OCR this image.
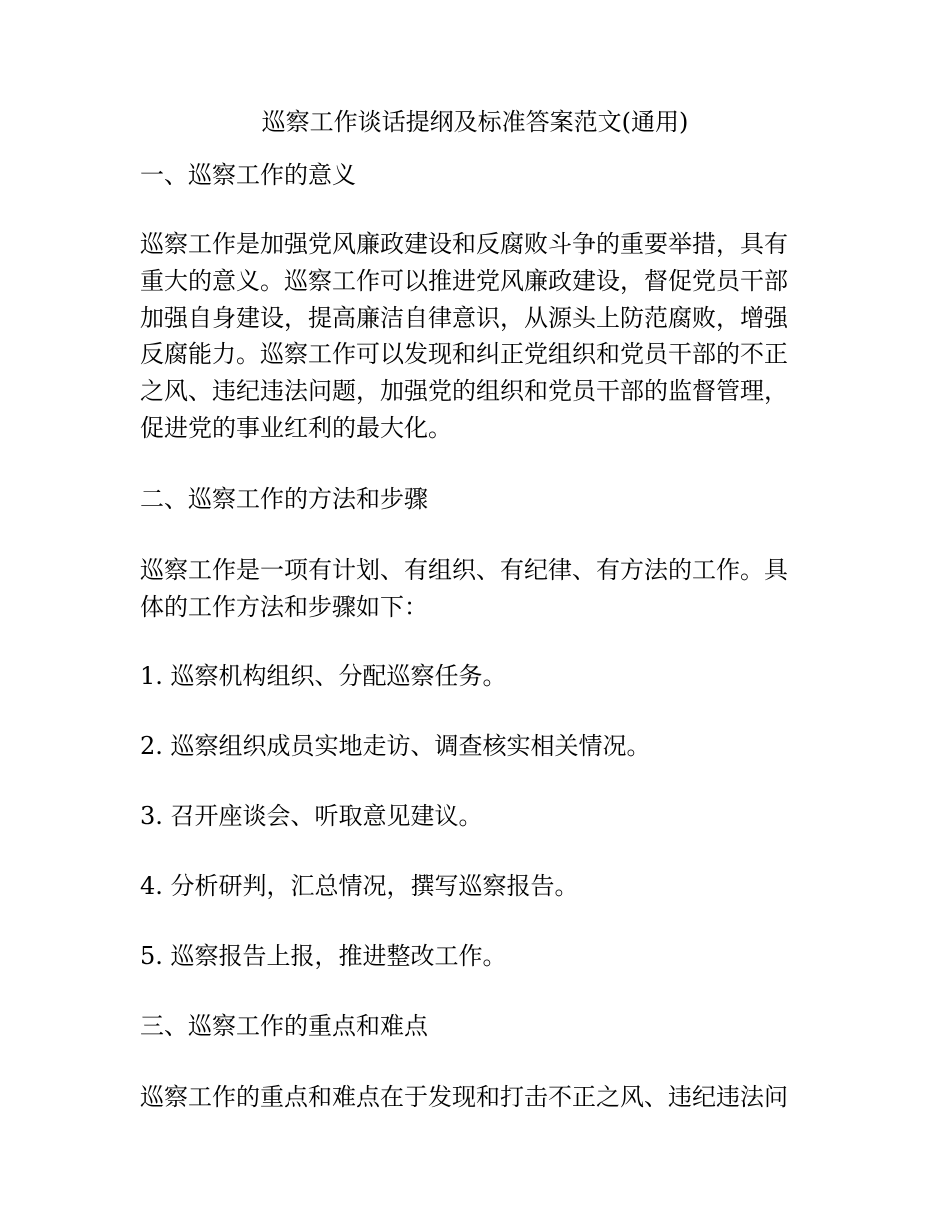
巡察工作谈话提纲及标准答案范文(通用)
一、巡察工作的意义
巡察工作是加强党风廉政建设和反腐败斗争的重要举措，具有
重大的意义。巡察工作可以推进党风廉政建设，督促党员干部
加强自身建设，提高廉洁自律意识，从源头上防范腐败，增强
反腐能力。巡察工作可以发现和纠正党组织和党员干部的不正
之风、违纪违法问题，加强党的组织和党员干部的监督管理，
促进党的事业红利的最大化。
二、巡察工作的方法和步骤
巡察工作是一项有计划、有组织、有纪律、有方法的工作。具
体的工作方法和步骤如下：
1. 巡察机构组织、分配巡察任务。
2. 巡察组织成员实地走访、调查核实相关情况。
3. 召开座谈会、听取意见建议。
4. 分析研判，汇总情况，撰写巡察报告。
5. 巡察报告上报，推进整改工作。
三、巡察工作的重点和难点
巡察工作的重点和难点在于发现和打击不正之风、违纪违法问
